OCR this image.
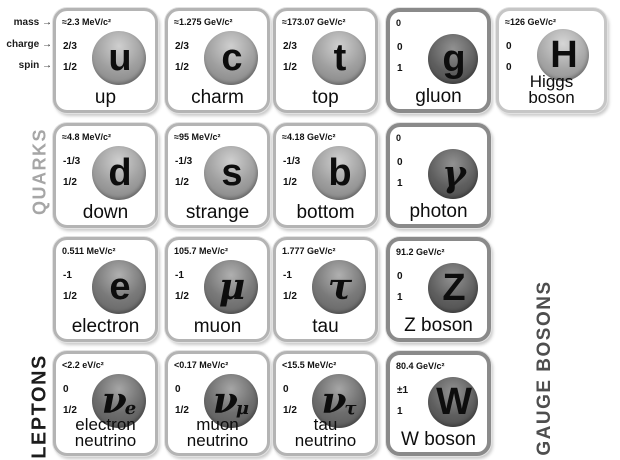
mass →
charge →
spin →
QUARKS
LEPTONS	GAUGE BOSONS
≈2.3 MeV/c²
2/3
1/2 u
up
≈1.275 GeV/c²
2/3
1/2 c
charm
≈173.07 GeV/c²
2/3
1/2 t
top
0
0
1 g
gluon
≈126 GeV/c²
0
0 H
Higgs boson
≈4.8 MeV/c²
-1/3
1/2 d
down
≈95 MeV/c²
-1/3
1/2 s
strange
≈4.18 GeV/c²
-1/3
1/2 b
bottom
0
0
1 γ
photon
0.511 MeV/c²
-1
1/2 e
electron
105.7 MeV/c²
-1
1/2 μ
muon
1.777 GeV/c²
-1
1/2 τ
tau
91.2 GeV/c²
0
1 Z
Z boson
<2.2 eV/c²
0
1/2 ν
e
electron neutrino
<0.17 MeV/c²
0
1/2 ν
μ
muon neutrino
<15.5 MeV/c²
0
1/2 ν
τ
tau neutrino
80.4 GeV/c²
±1
1 W
W boson
